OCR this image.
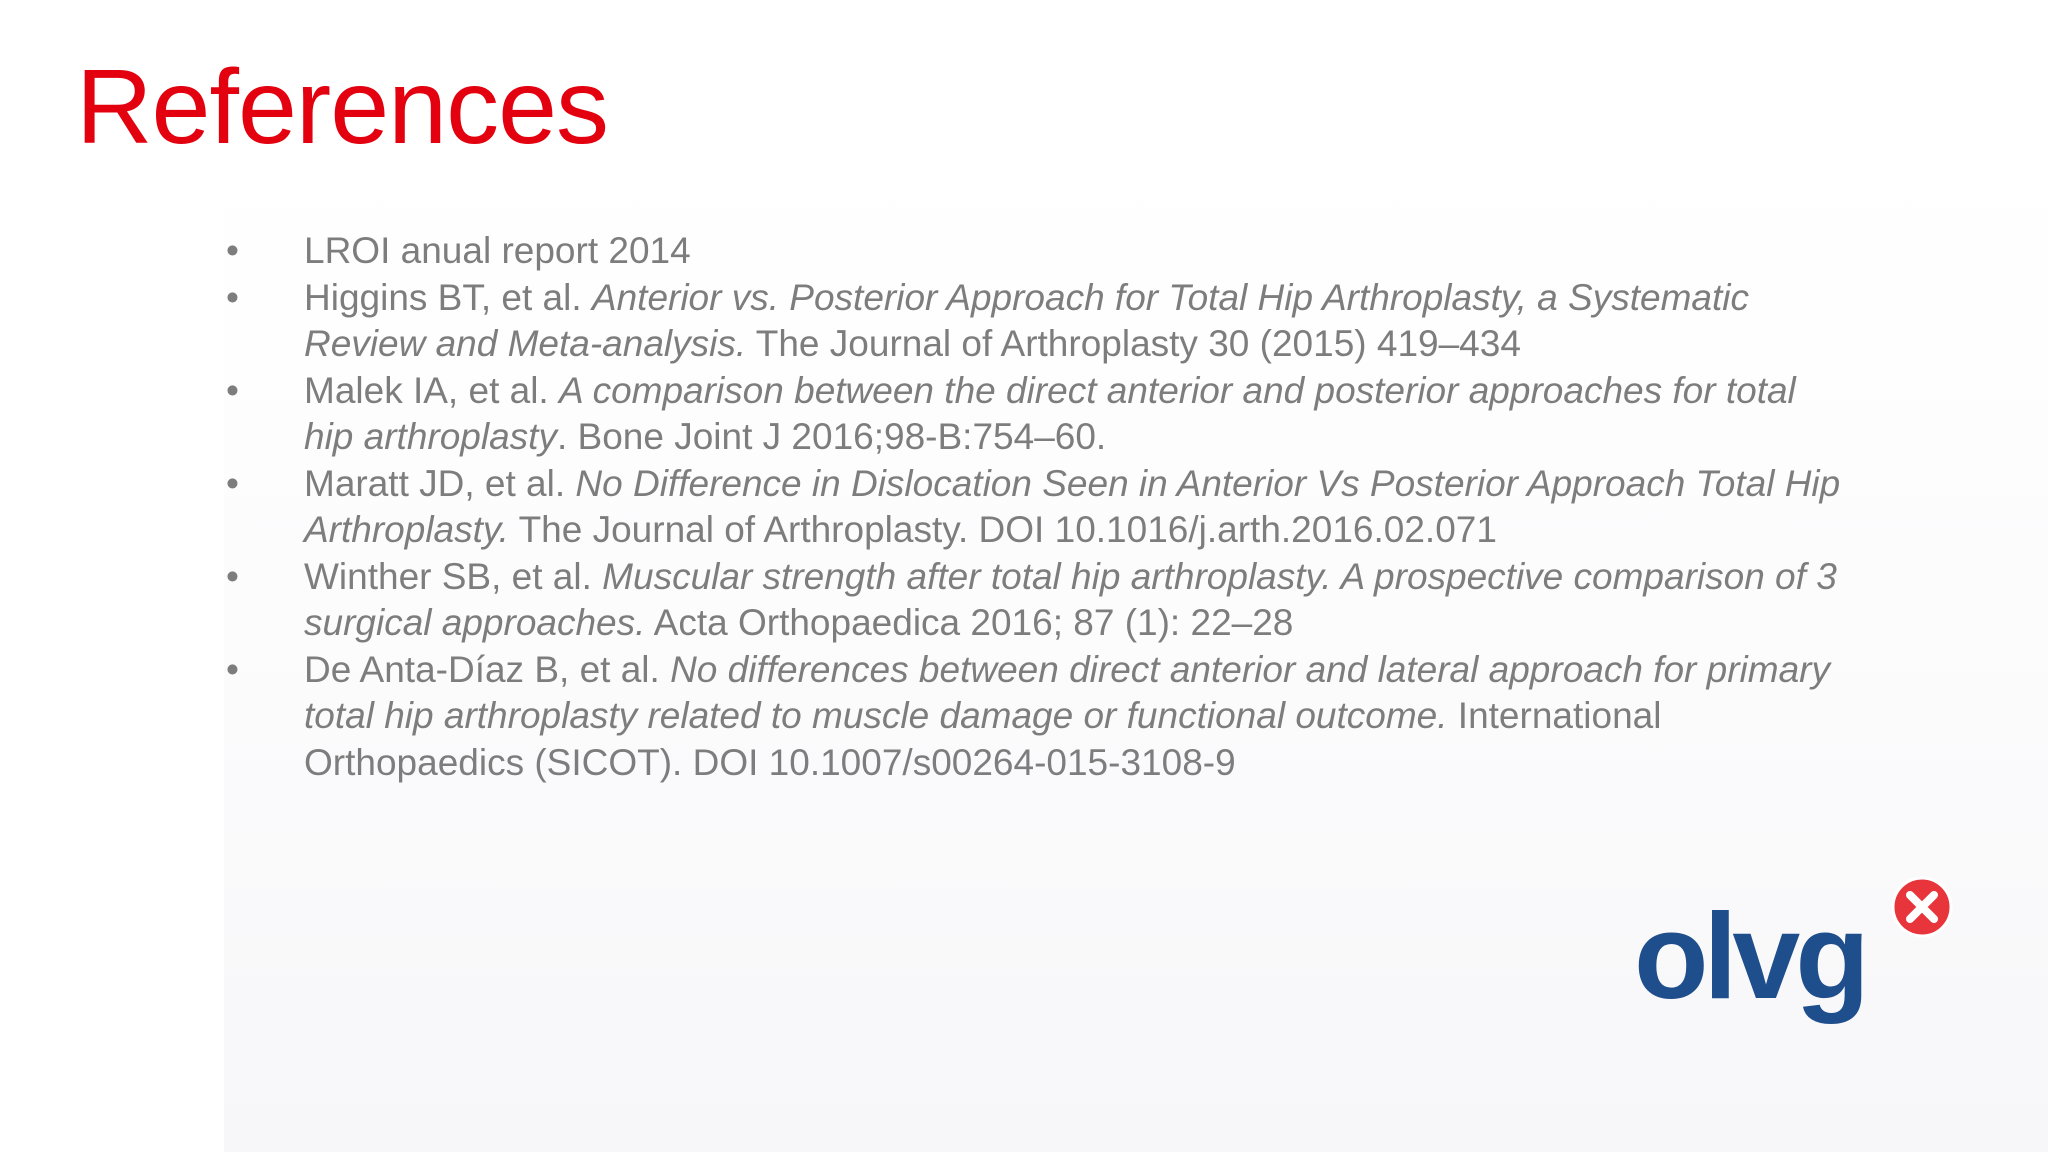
References
•	LROI anual report 2014
•	Higgins BT, et al. Anterior vs. Posterior Approach for Total Hip Arthroplasty, a Systematic Review and Meta-analysis. The Journal of Arthroplasty 30 (2015) 419–434
•	Malek IA, et al. A comparison between the direct anterior and posterior approaches for total hip arthroplasty. Bone Joint J 2016;98-B:754–60.
•	Maratt JD, et al. No Difference in Dislocation Seen in Anterior Vs Posterior Approach Total Hip Arthroplasty. The Journal of Arthroplasty. DOI 10.1016/j.arth.2016.02.071
•	Winther SB, et al. Muscular strength after total hip arthroplasty. A prospective comparison of 3 surgical approaches. Acta Orthopaedica 2016; 87 (1): 22–28
•	De Anta-Díaz B, et al. No differences between direct anterior and lateral approach for primary total hip arthroplasty related to muscle damage or functional outcome. International Orthopaedics (SICOT). DOI 10.1007/s00264-015-3108-9
olvg
